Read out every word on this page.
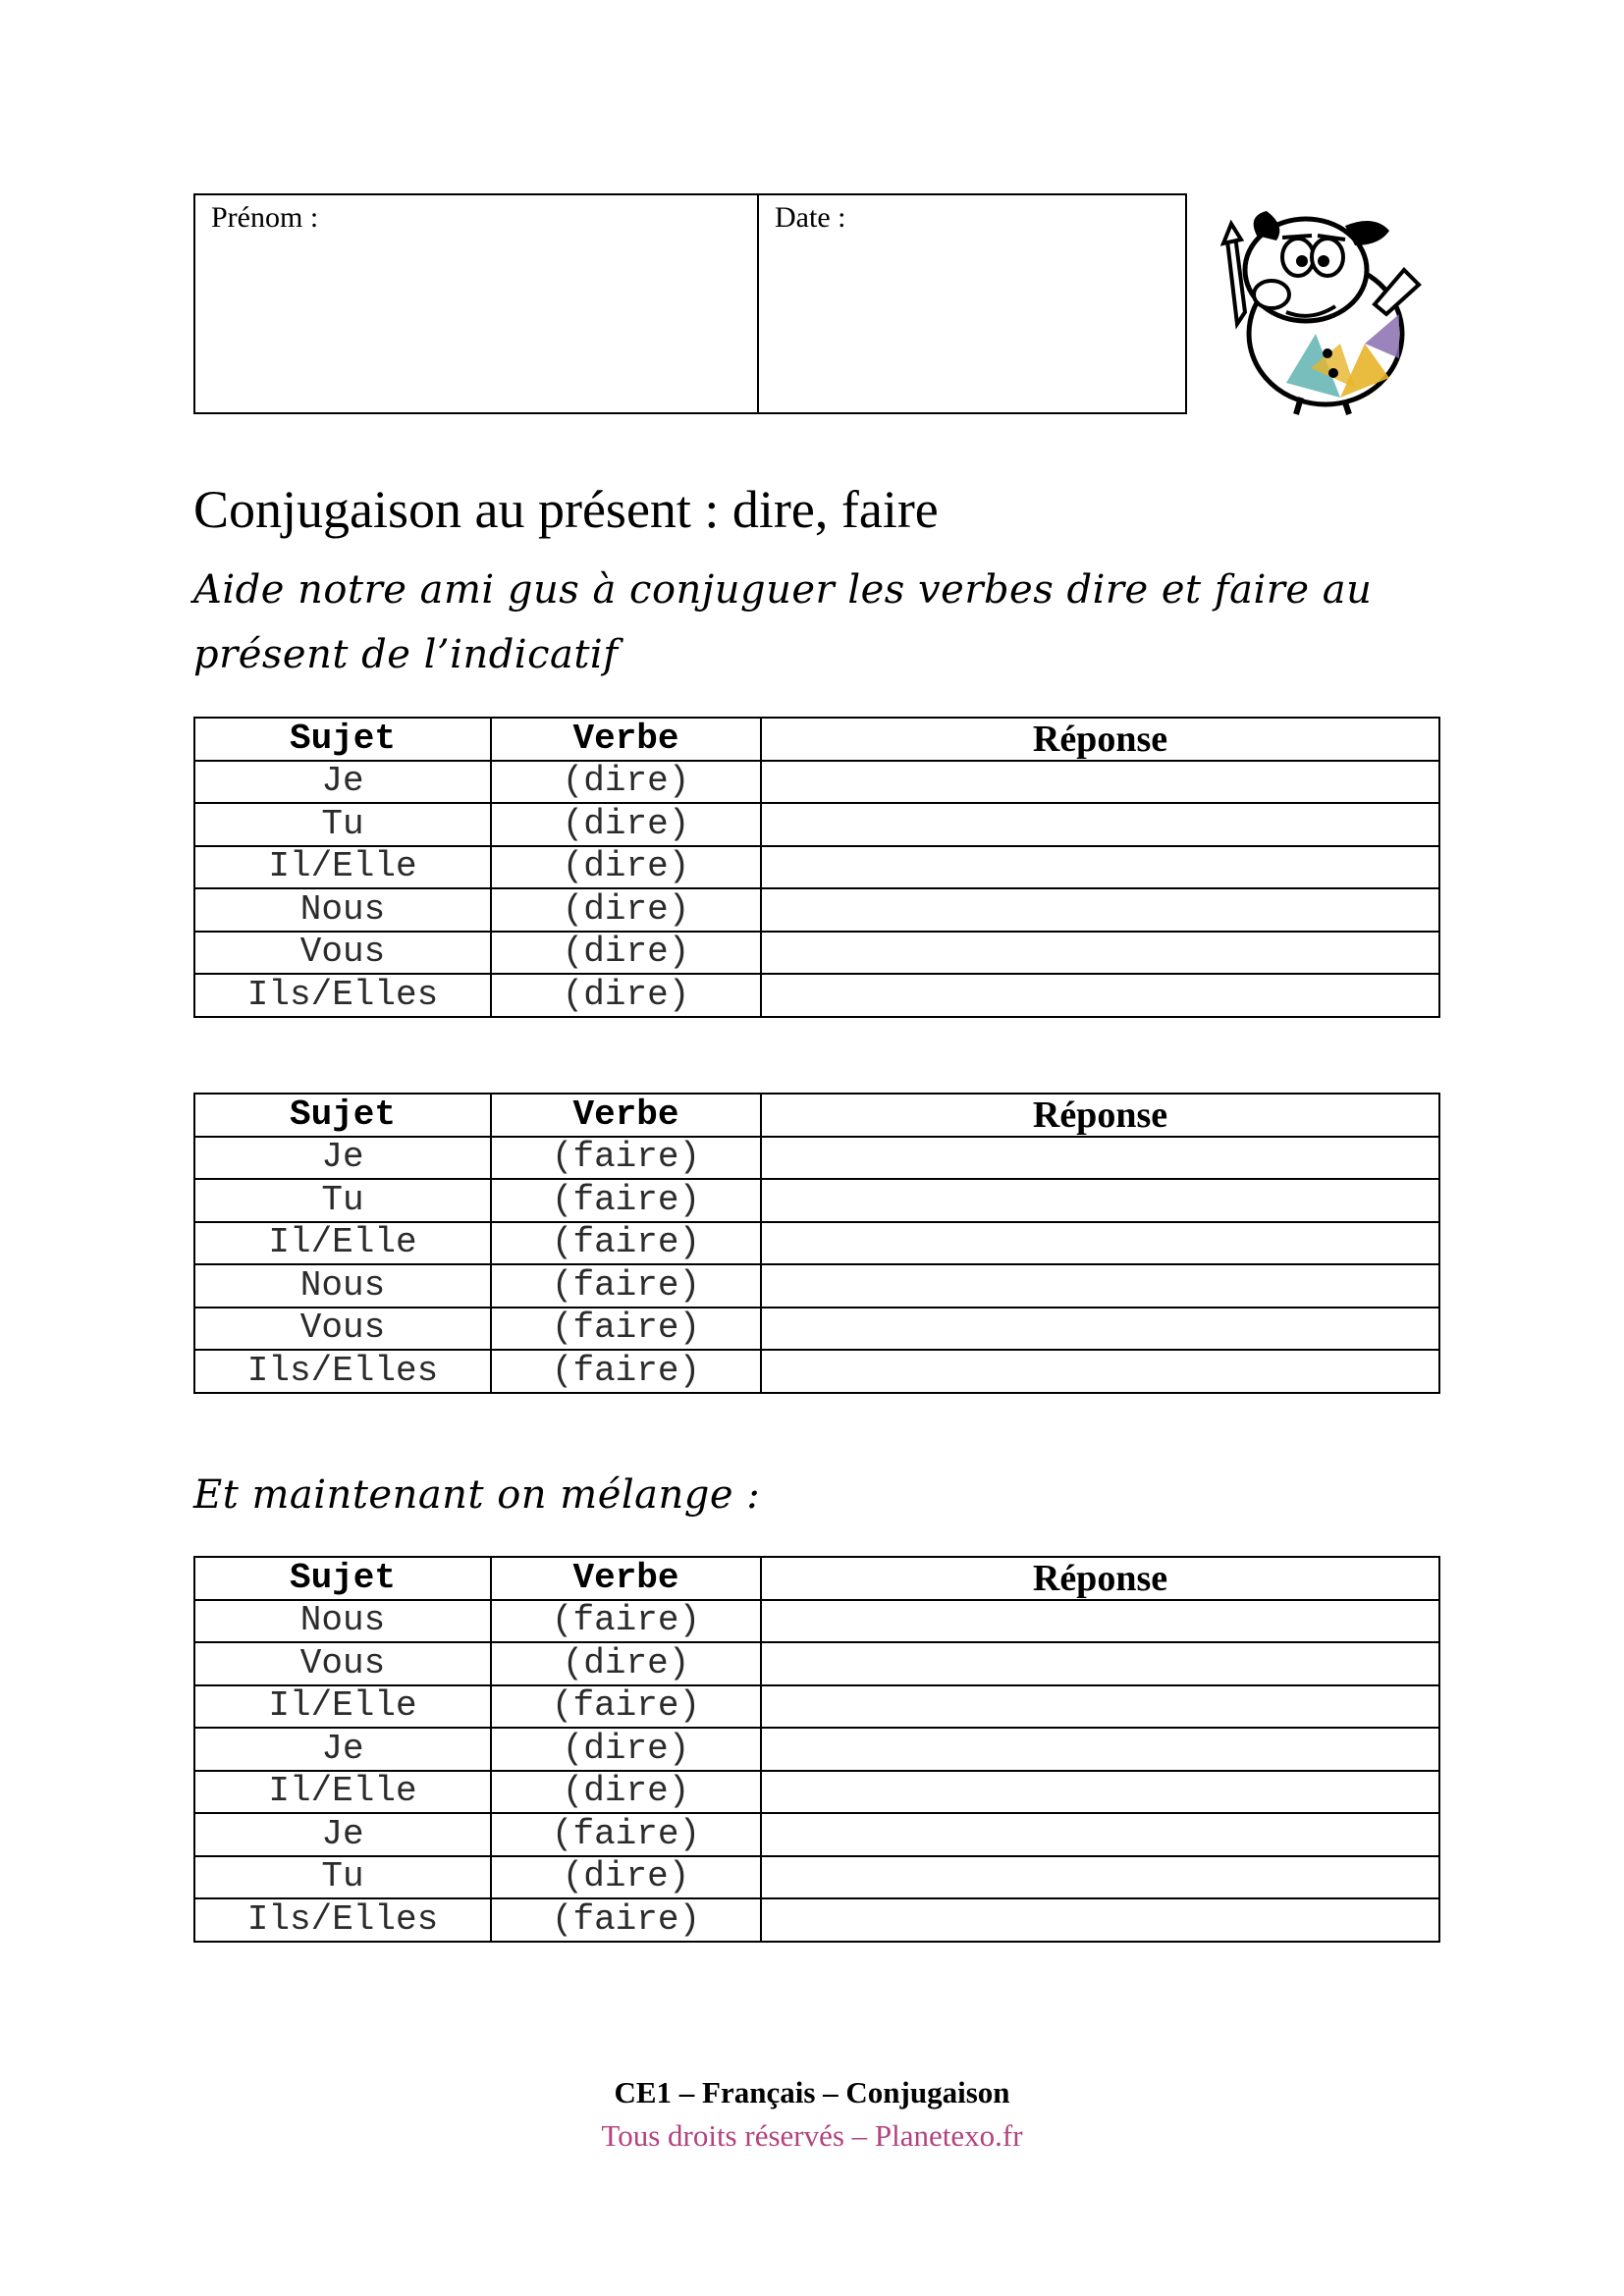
Prénom :	Date :
Conjugaison au présent : dire, faire
Aide notre ami gus à conjuguer les verbes dire et faire au
présent de l’indicatif
Sujet	Verbe	Réponse
Je	(dire)	
Tu	(dire)	
Il/Elle	(dire)	
Nous	(dire)	
Vous	(dire)	
Ils/Elles	(dire)	
Sujet	Verbe	Réponse
Je	(faire)	
Tu	(faire)	
Il/Elle	(faire)	
Nous	(faire)	
Vous	(faire)	
Ils/Elles	(faire)	
Et maintenant on mélange :
Sujet	Verbe	Réponse
Nous	(faire)	
Vous	(dire)	
Il/Elle	(faire)	
Je	(dire)	
Il/Elle	(dire)	
Je	(faire)	
Tu	(dire)	
Ils/Elles	(faire)	
CE1 – Français – Conjugaison
Tous droits réservés – Planetexo.fr
